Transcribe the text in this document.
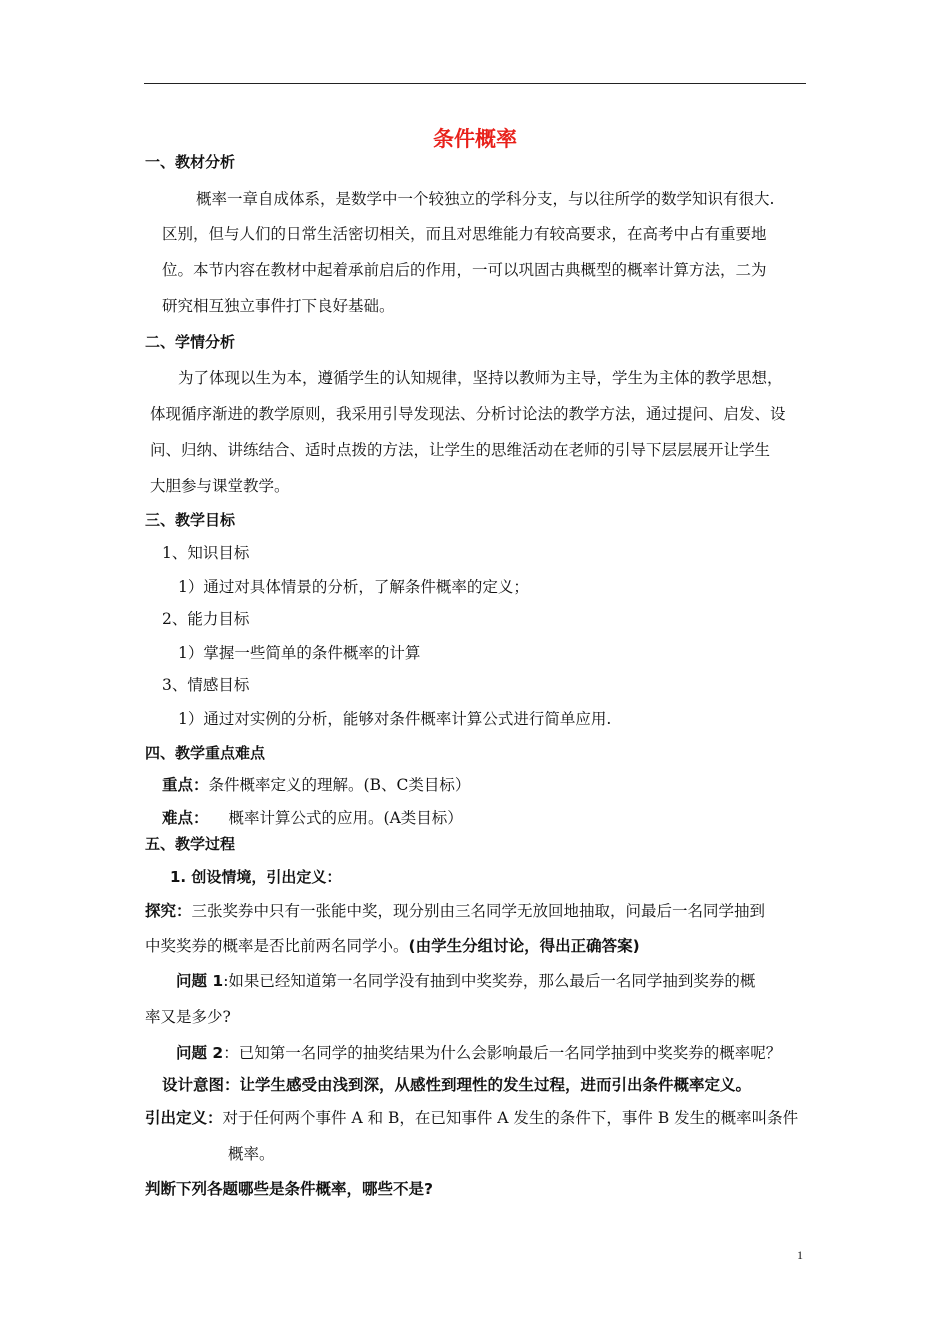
条件概率
一、教材分析
概率一章自成体系，是数学中一个较独立的学科分支，与以往所学的数学知识有很大.
区别，但与人们的日常生活密切相关，而且对思维能力有较高要求，在高考中占有重要地
位。本节内容在教材中起着承前启后的作用，一可以巩固古典概型的概率计算方法，二为
研究相互独立事件打下良好基础。
二、学情分析
为了体现以生为本，遵循学生的认知规律，坚持以教师为主导，学生为主体的教学思想，
体现循序渐进的教学原则，我采用引导发现法、分析讨论法的教学方法，通过提问、启发、设
问、归纳、讲练结合、适时点拨的方法，让学生的思维活动在老师的引导下层层展开让学生
大胆参与课堂教学。
三、教学目标
1、知识目标
1）通过对具体情景的分析，了解条件概率的定义；
2、能力目标
1）掌握一些简单的条件概率的计算
3、情感目标
1）通过对实例的分析，能够对条件概率计算公式进行简单应用.
四、教学重点难点
重点：条件概率定义的理解。(B、C类目标）
难点： 概率计算公式的应用。(A类目标）
五、教学过程
1. 创设情境，引出定义：
探究：三张奖券中只有一张能中奖，现分别由三名同学无放回地抽取，问最后一名同学抽到
中奖奖券的概率是否比前两名同学小。(由学生分组讨论，得出正确答案)
问题 1:如果已经知道第一名同学没有抽到中奖奖券，那么最后一名同学抽到奖券的概
率又是多少?
问题 2：已知第一名同学的抽奖结果为什么会影响最后一名同学抽到中奖奖券的概率呢？
设计意图：让学生感受由浅到深，从感性到理性的发生过程，进而引出条件概率定义。
引出定义：对于任何两个事件 A 和 B，在已知事件 A 发生的条件下，事件 B 发生的概率叫条件
概率。
判断下列各题哪些是条件概率，哪些不是?
1
